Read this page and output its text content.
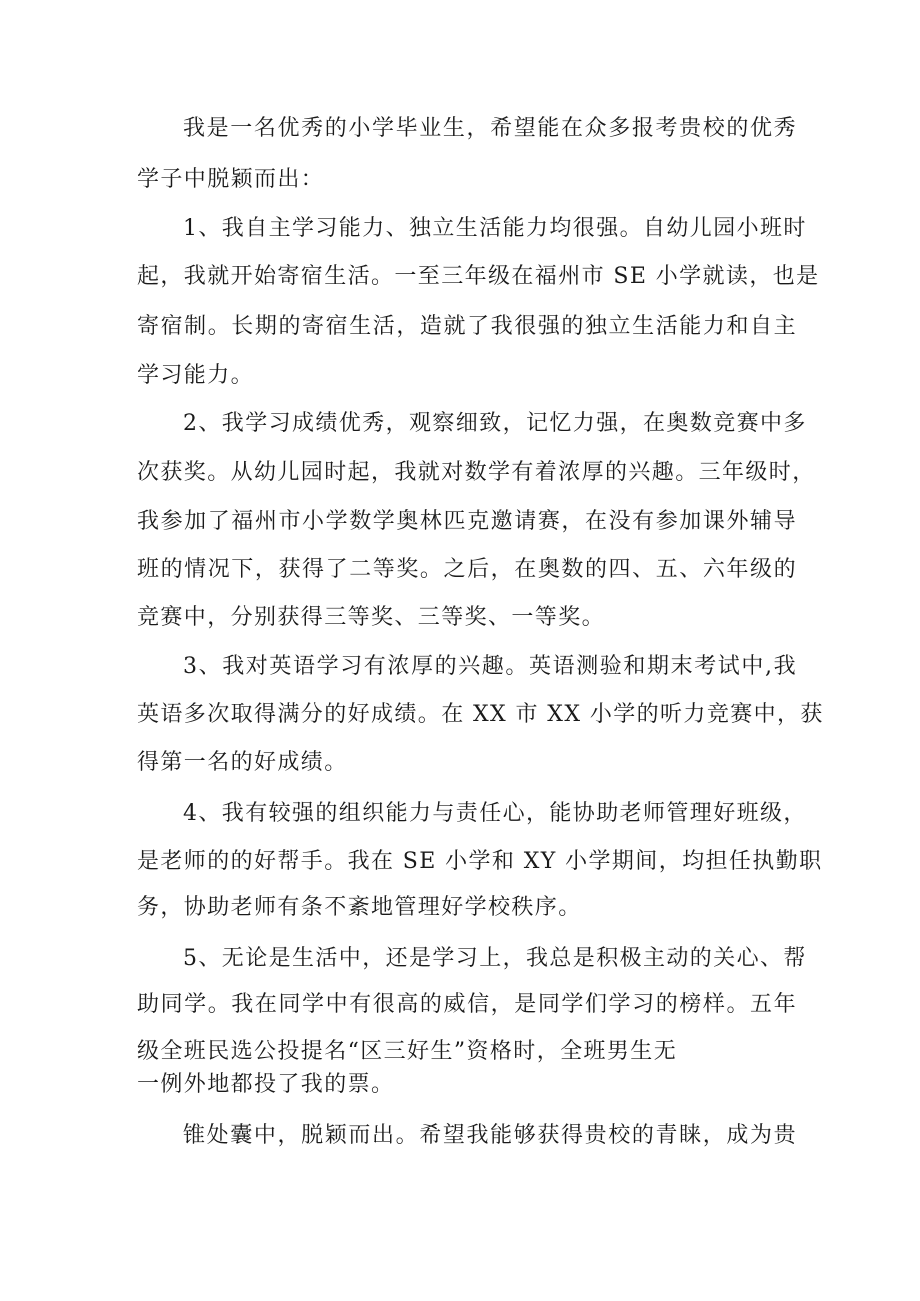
我是一名优秀的小学毕业生，希望能在众多报考贵校的优秀
学子中脱颖而出：
1、我自主学习能力、独立生活能力均很强。自幼儿园小班时
起，我就开始寄宿生活。一至三年级在福州市 SE 小学就读，也是
寄宿制。长期的寄宿生活，造就了我很强的独立生活能力和自主
学习能力。
2、我学习成绩优秀，观察细致，记忆力强，在奥数竞赛中多
次获奖。从幼儿园时起，我就对数学有着浓厚的兴趣。三年级时，
我参加了福州市小学数学奥林匹克邀请赛，在没有参加课外辅导
班的情况下，获得了二等奖。之后，在奥数的四、五、六年级的
竞赛中，分别获得三等奖、三等奖、一等奖。
3、我对英语学习有浓厚的兴趣。英语测验和期末考试中,我
英语多次取得满分的好成绩。在 XX 市 XX 小学的听力竞赛中，获
得第一名的好成绩。
4、我有较强的组织能力与责任心，能协助老师管理好班级，
是老师的的好帮手。我在 SE 小学和 XY 小学期间，均担任执勤职
务，协助老师有条不紊地管理好学校秩序。
5、无论是生活中，还是学习上，我总是积极主动的关心、帮
助同学。我在同学中有很高的威信，是同学们学习的榜样。五年
级全班民选公投提名“区三好生”资格时，全班男生无
一例外地都投了我的票。
锥处囊中，脱颖而出。希望我能够获得贵校的青睐，成为贵
